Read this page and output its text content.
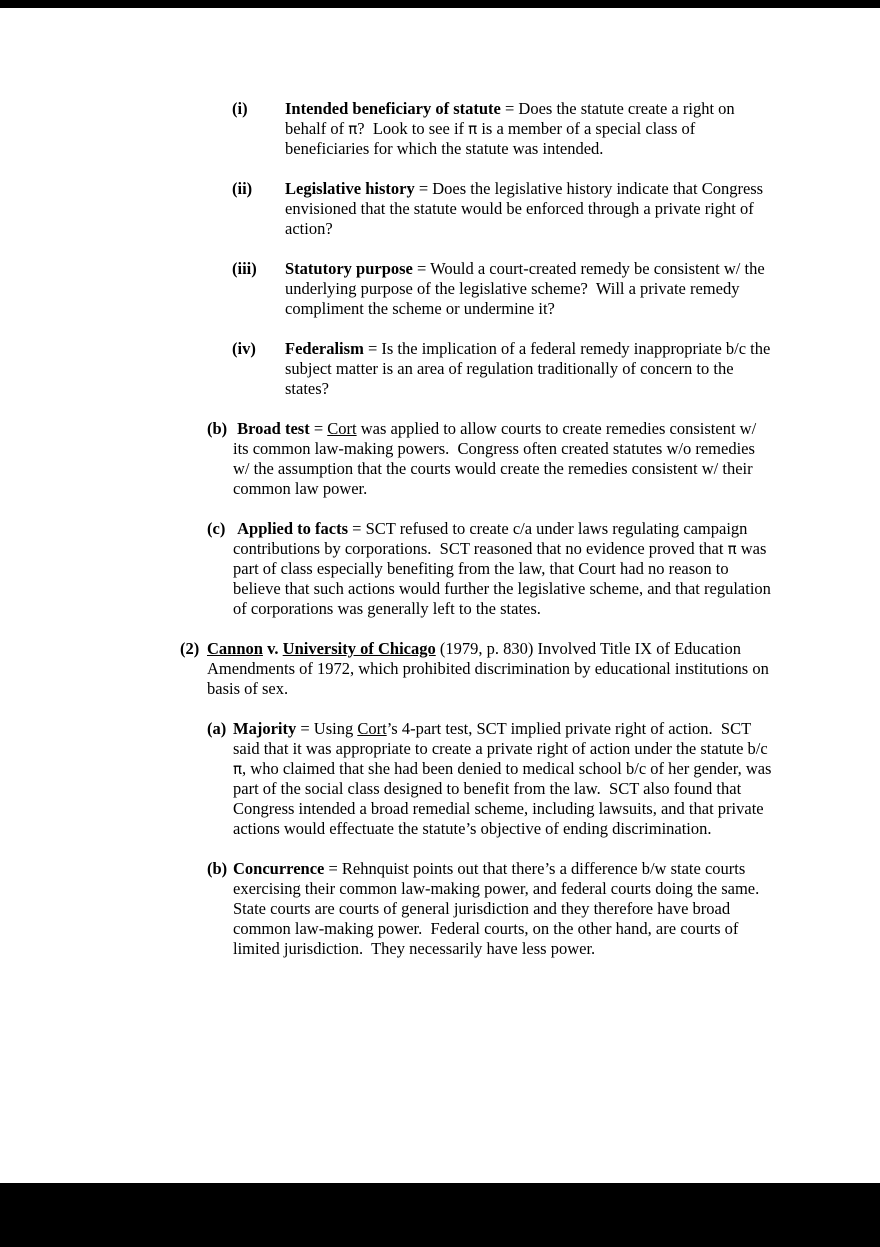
(i)	Intended beneficiary of statute = Does the statute create a right on behalf of π?  Look to see if π is a member of a special class of beneficiaries for which the statute was intended.
(ii)	Legislative history = Does the legislative history indicate that Congress envisioned that the statute would be enforced through a private right of action?
(iii)	Statutory purpose = Would a court-created remedy be consistent w/ the underlying purpose of the legislative scheme?  Will a private remedy compliment the scheme or undermine it?
(iv)	Federalism = Is the implication of a federal remedy inappropriate b/c the subject matter is an area of regulation traditionally of concern to the states?
(b) Broad test = Cort was applied to allow courts to create remedies consistent w/ its common law-making powers.  Congress often created statutes w/o remedies w/ the assumption that the courts would create the remedies consistent w/ their common law power.
(c) Applied to facts = SCT refused to create c/a under laws regulating campaign contributions by corporations.  SCT reasoned that no evidence proved that π was part of class especially benefiting from the law, that Court had no reason to believe that such actions would further the legislative scheme, and that regulation of corporations was generally left to the states.
(2) Cannon v. University of Chicago (1979, p. 830) Involved Title IX of Education Amendments of 1972, which prohibited discrimination by educational institutions on basis of sex.
(a) Majority = Using Cort’s 4-part test, SCT implied private right of action.  SCT said that it was appropriate to create a private right of action under the statute b/c π, who claimed that she had been denied to medical school b/c of her gender, was part of the social class designed to benefit from the law.  SCT also found that Congress intended a broad remedial scheme, including lawsuits, and that private actions would effectuate the statute’s objective of ending discrimination.
(b) Concurrence = Rehnquist points out that there’s a difference b/w state courts exercising their common law-making power, and federal courts doing the same.  State courts are courts of general jurisdiction and they therefore have broad common law-making power.  Federal courts, on the other hand, are courts of limited jurisdiction.  They necessarily have less power.
